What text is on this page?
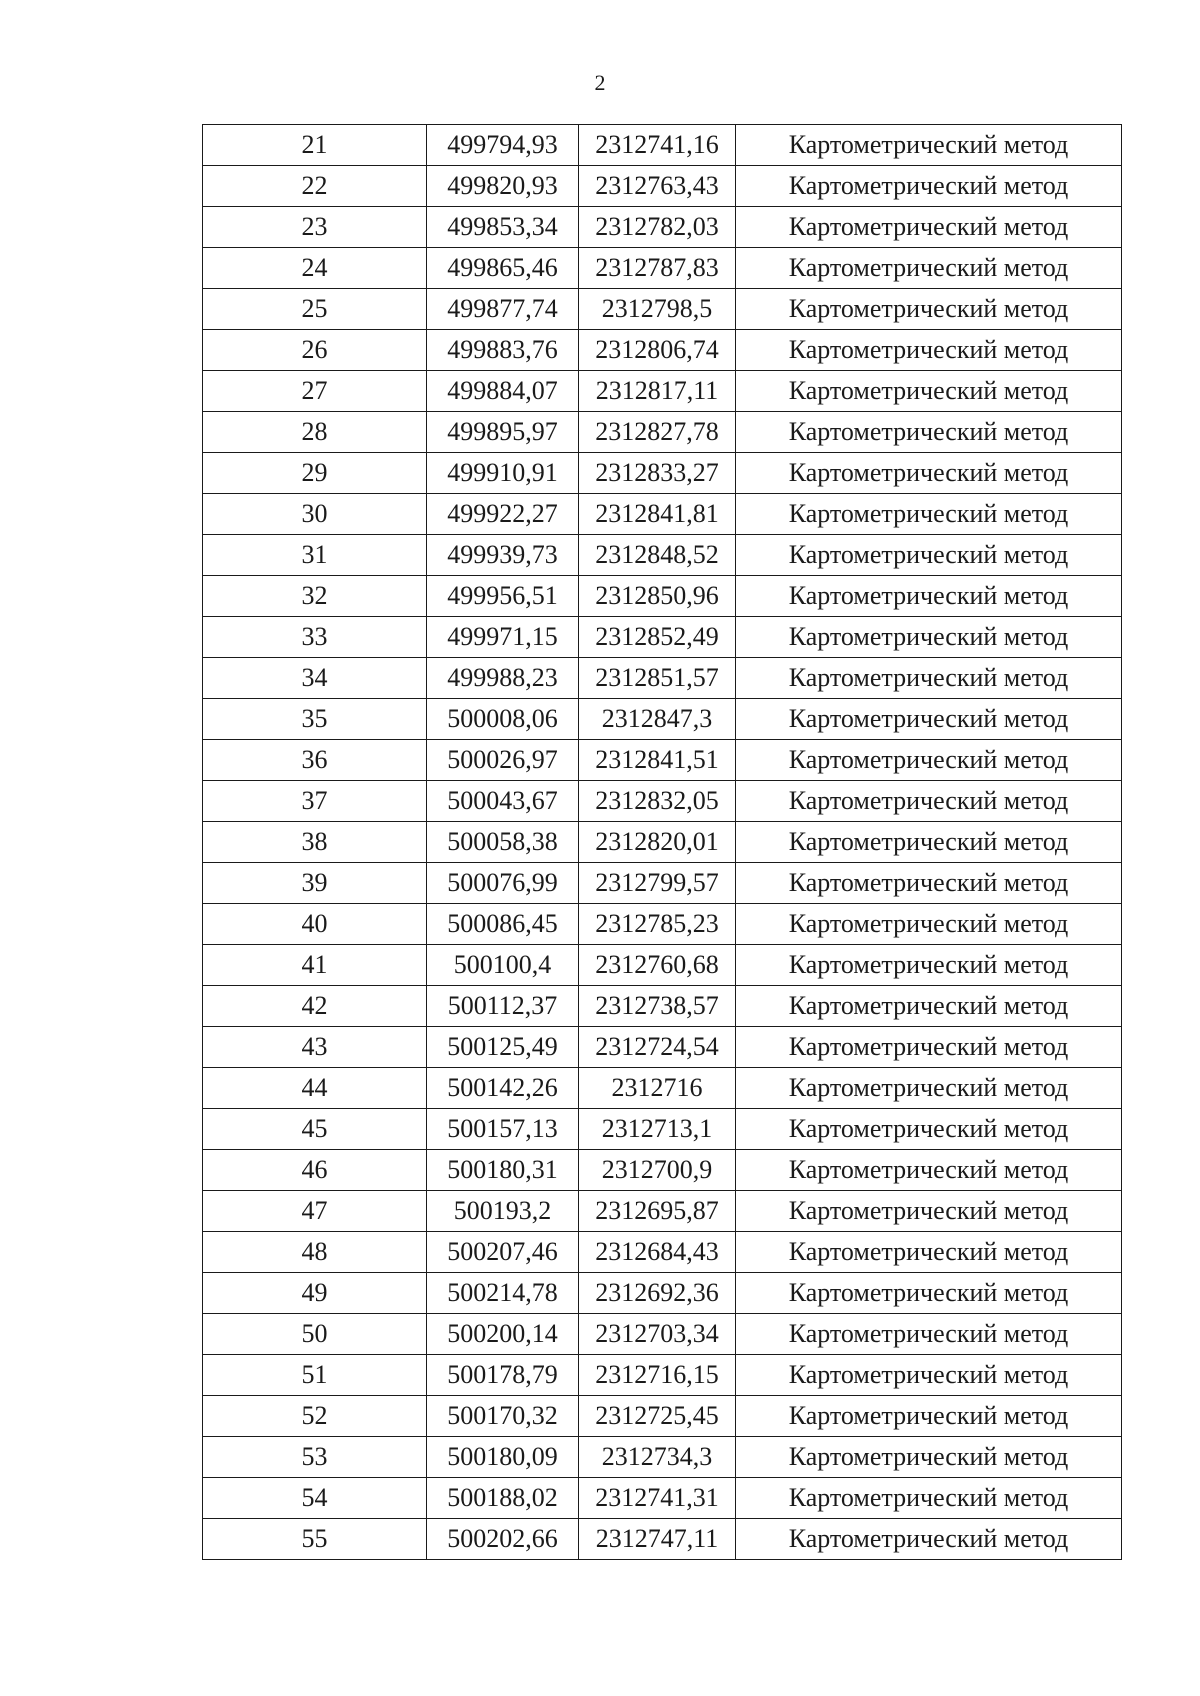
2
21	499794,93	2312741,16	Картометрический метод
22	499820,93	2312763,43	Картометрический метод
23	499853,34	2312782,03	Картометрический метод
24	499865,46	2312787,83	Картометрический метод
25	499877,74	2312798,5	Картометрический метод
26	499883,76	2312806,74	Картометрический метод
27	499884,07	2312817,11	Картометрический метод
28	499895,97	2312827,78	Картометрический метод
29	499910,91	2312833,27	Картометрический метод
30	499922,27	2312841,81	Картометрический метод
31	499939,73	2312848,52	Картометрический метод
32	499956,51	2312850,96	Картометрический метод
33	499971,15	2312852,49	Картометрический метод
34	499988,23	2312851,57	Картометрический метод
35	500008,06	2312847,3	Картометрический метод
36	500026,97	2312841,51	Картометрический метод
37	500043,67	2312832,05	Картометрический метод
38	500058,38	2312820,01	Картометрический метод
39	500076,99	2312799,57	Картометрический метод
40	500086,45	2312785,23	Картометрический метод
41	500100,4	2312760,68	Картометрический метод
42	500112,37	2312738,57	Картометрический метод
43	500125,49	2312724,54	Картометрический метод
44	500142,26	2312716	Картометрический метод
45	500157,13	2312713,1	Картометрический метод
46	500180,31	2312700,9	Картометрический метод
47	500193,2	2312695,87	Картометрический метод
48	500207,46	2312684,43	Картометрический метод
49	500214,78	2312692,36	Картометрический метод
50	500200,14	2312703,34	Картометрический метод
51	500178,79	2312716,15	Картометрический метод
52	500170,32	2312725,45	Картометрический метод
53	500180,09	2312734,3	Картометрический метод
54	500188,02	2312741,31	Картометрический метод
55	500202,66	2312747,11	Картометрический метод
